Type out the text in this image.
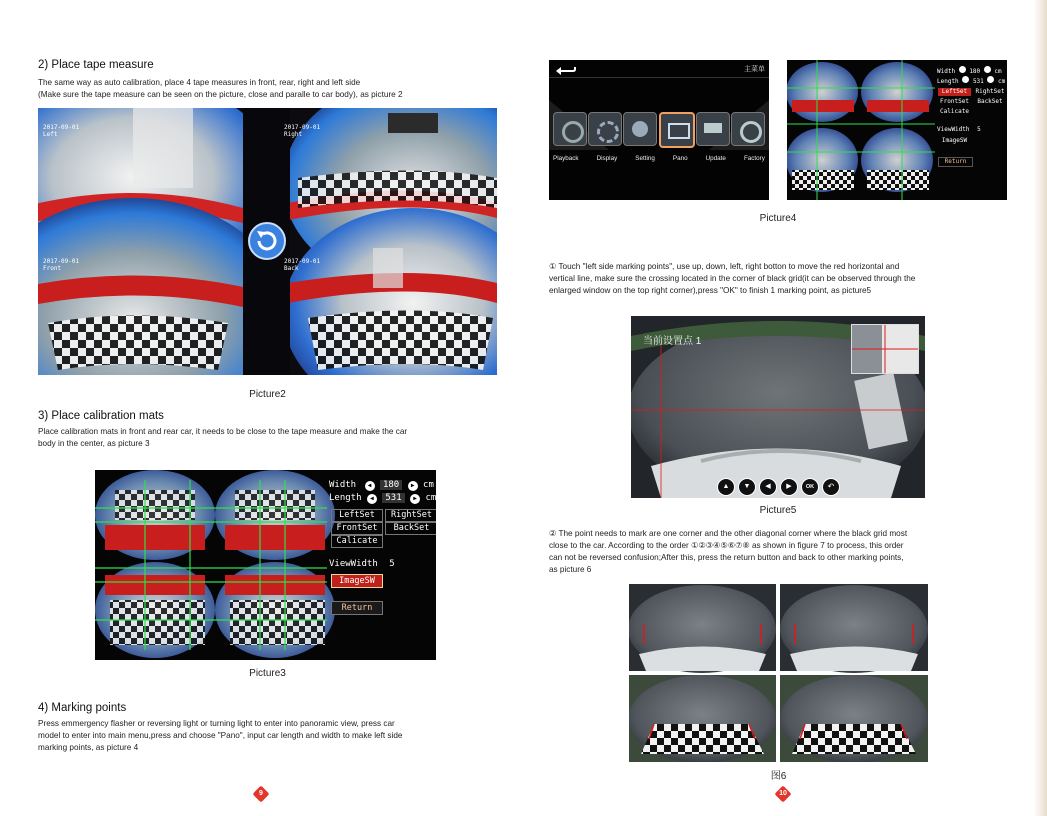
2) Place tape measure
The same way as auto calibration, place 4 tape measures in front, rear, right and left side
(Make sure the tape measure can be seen on the picture, close and paralle to car body), as picture 2
2017-09-01
Left
2017-09-01
Right
2017-09-01
Front
2017-09-01
Back
Picture2
3) Place calibration mats
Place calibration mats in front and rear car, it needs to be close to the tape measure and make the car
body in the center, as picture 3
Width ◀ 180 ▶ cm
Length ◀ 531 ▶ cm
LeftSet	RightSet
FrontSet	BackSet
Calicate
ViewWidth 5
ImageSW
Return
Picture3
4) Marking points
Press emmergency flasher or reversing light or turning light to enter into panoramic view, press car
model to enter into main menu,press and choose "Pano", input car length and width to make left side
marking points, as picture 4
9
主菜单
Playback	Display	Setting	Pano	Update	Factory
Width 180 cm
Length 531 cm
LeftSet	RightSet
FrontSet	BackSet
Calicate
ViewWidth 5
ImageSW
Return
Picture4
① Touch "left side marking points", use up, down, left, right botton to move the red horizontal and
vertical line, make sure the crossing located in the corner of black grid(it can be observed through the
enlarged window on the top right corner),press "OK" to finish 1 marking point, as picture5
当前设置点 1
▲	▼	◀	▶	OK	↶
Picture5
② The point needs to mark are one corner and the other diagonal corner where the black grid most
close to the car. According to the order ①②③④⑤⑥⑦⑧ as shown in figure 7 to process, this order
can not be reversed confusion;After this, press the return button and back to other marking points,
as picture 6
图6
10
